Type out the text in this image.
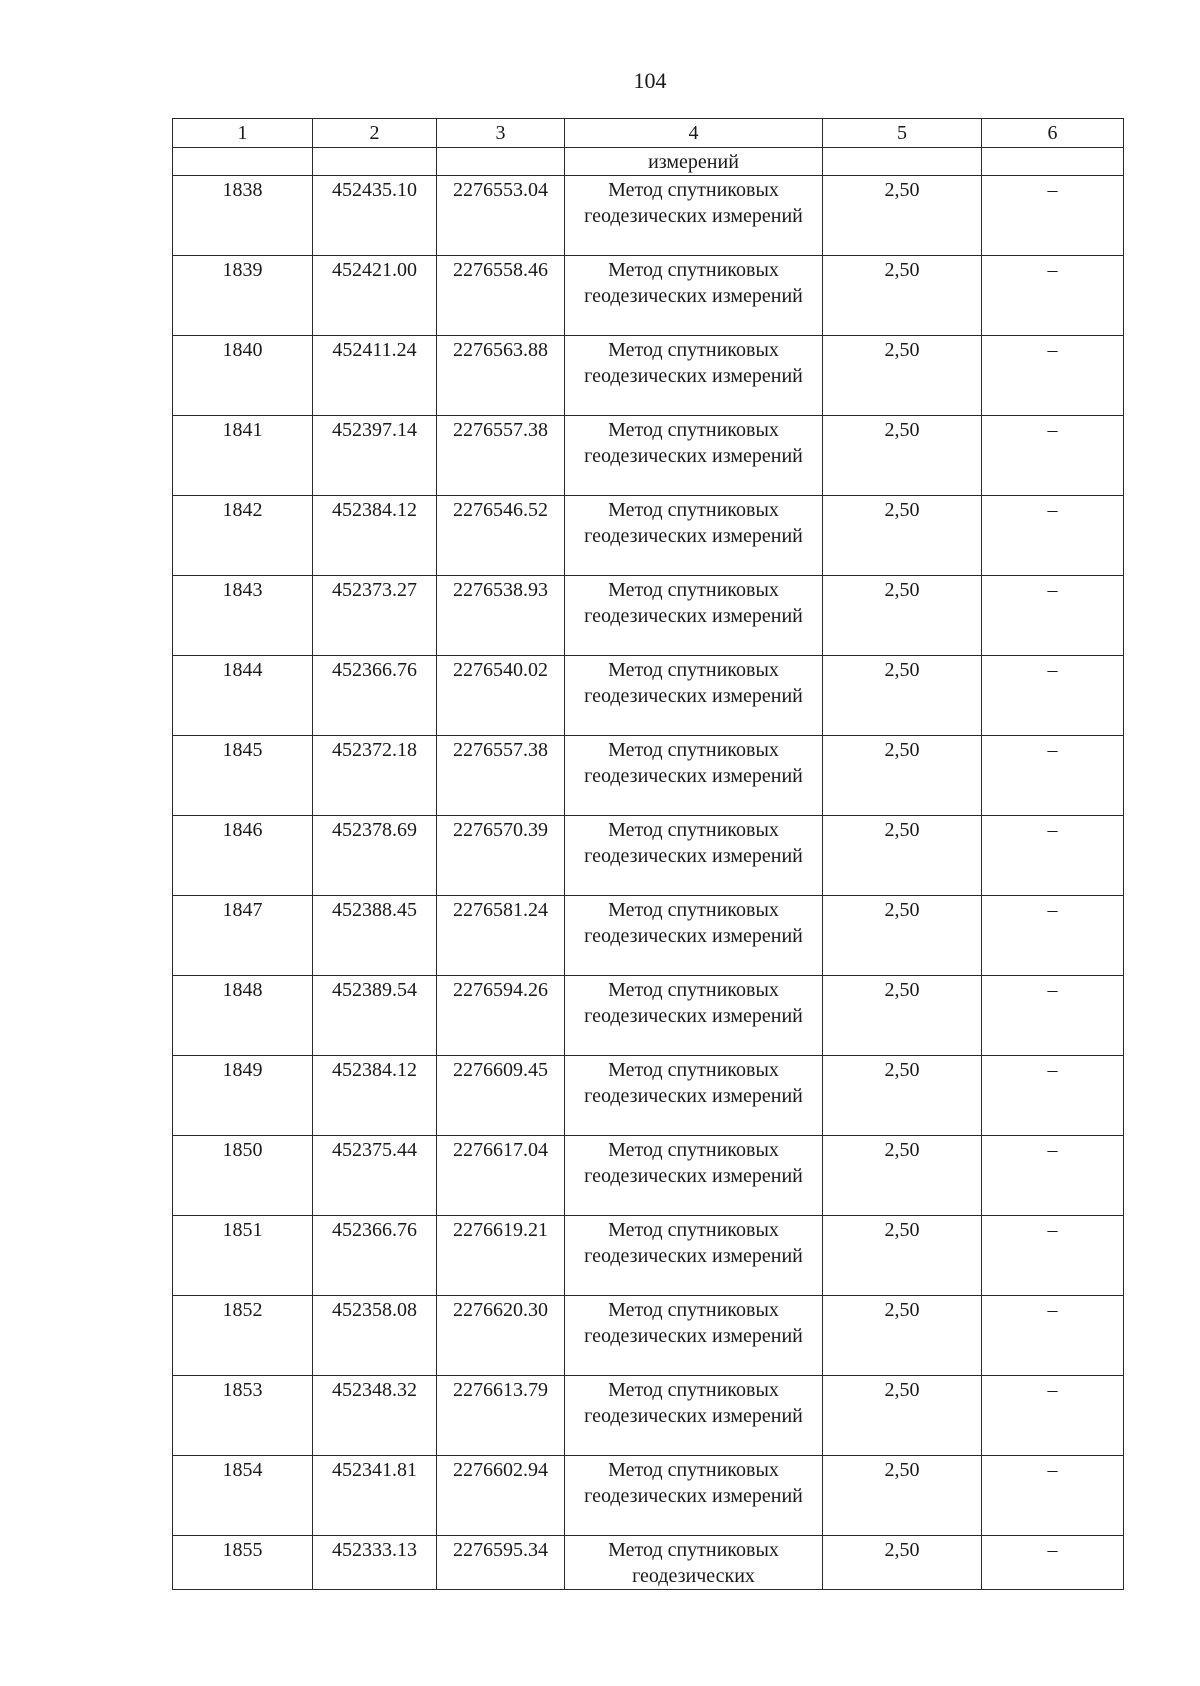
104
1	2	3	4	5	6
			измерений		
1838	452435.10	2276553.04	Метод спутниковых геодезических измерений	2,50	–
1839	452421.00	2276558.46	Метод спутниковых геодезических измерений	2,50	–
1840	452411.24	2276563.88	Метод спутниковых геодезических измерений	2,50	–
1841	452397.14	2276557.38	Метод спутниковых геодезических измерений	2,50	–
1842	452384.12	2276546.52	Метод спутниковых геодезических измерений	2,50	–
1843	452373.27	2276538.93	Метод спутниковых геодезических измерений	2,50	–
1844	452366.76	2276540.02	Метод спутниковых геодезических измерений	2,50	–
1845	452372.18	2276557.38	Метод спутниковых геодезических измерений	2,50	–
1846	452378.69	2276570.39	Метод спутниковых геодезических измерений	2,50	–
1847	452388.45	2276581.24	Метод спутниковых геодезических измерений	2,50	–
1848	452389.54	2276594.26	Метод спутниковых геодезических измерений	2,50	–
1849	452384.12	2276609.45	Метод спутниковых геодезических измерений	2,50	–
1850	452375.44	2276617.04	Метод спутниковых геодезических измерений	2,50	–
1851	452366.76	2276619.21	Метод спутниковых геодезических измерений	2,50	–
1852	452358.08	2276620.30	Метод спутниковых геодезических измерений	2,50	–
1853	452348.32	2276613.79	Метод спутниковых геодезических измерений	2,50	–
1854	452341.81	2276602.94	Метод спутниковых геодезических измерений	2,50	–
1855	452333.13	2276595.34	Метод спутниковых геодезических	2,50	–
